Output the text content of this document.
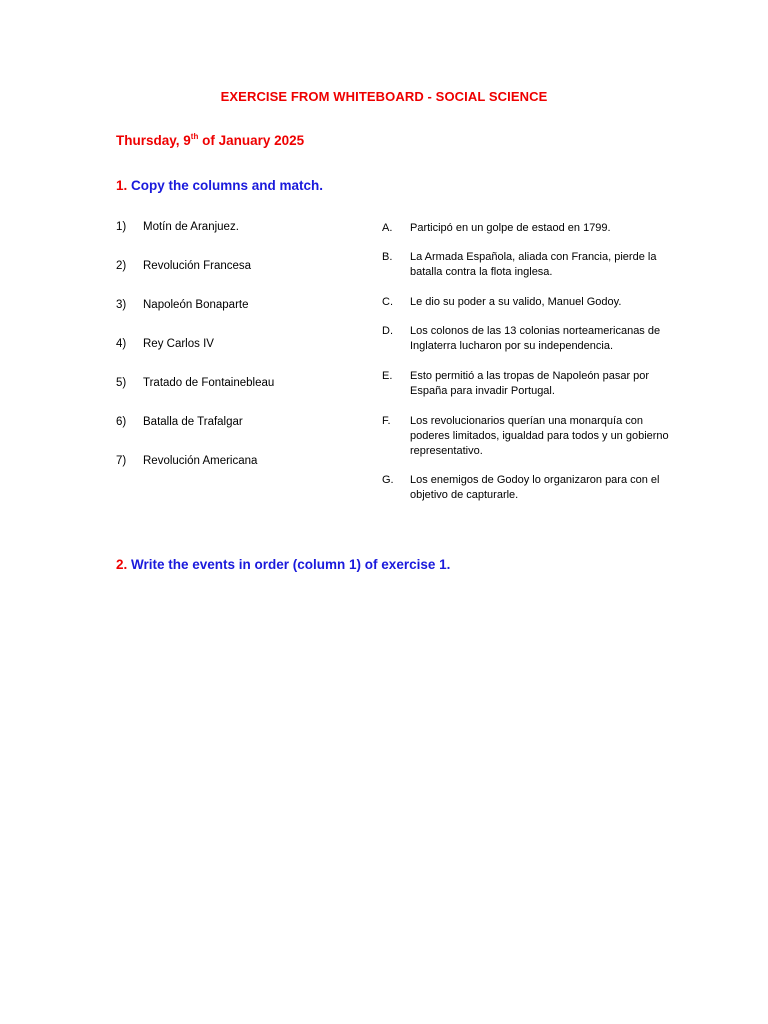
EXERCISE FROM WHITEBOARD - SOCIAL SCIENCE
Thursday, 9th of January 2025
1. Copy the columns and match.
1) Motín de Aranjuez.
2) Revolución Francesa
3) Napoleón Bonaparte
4) Rey Carlos IV
5) Tratado de Fontainebleau
6) Batalla de Trafalgar
7) Revolución Americana
A.	Participó en un golpe de estaod en 1799.
B.	La Armada Española, aliada con Francia, pierde la batalla contra la flota inglesa.
C.	Le dio su poder a su valido, Manuel Godoy.
D.	Los colonos de las 13 colonias norteamericanas de Inglaterra lucharon por su independencia.
E.	Esto permitió a las tropas de Napoleón pasar por España para invadir Portugal.
F.	Los revolucionarios querían una monarquía con poderes limitados, igualdad para todos y un gobierno representativo.
G.	Los enemigos de Godoy lo organizaron para con el objetivo de capturarle.
2. Write the events in order (column 1) of exercise 1.
